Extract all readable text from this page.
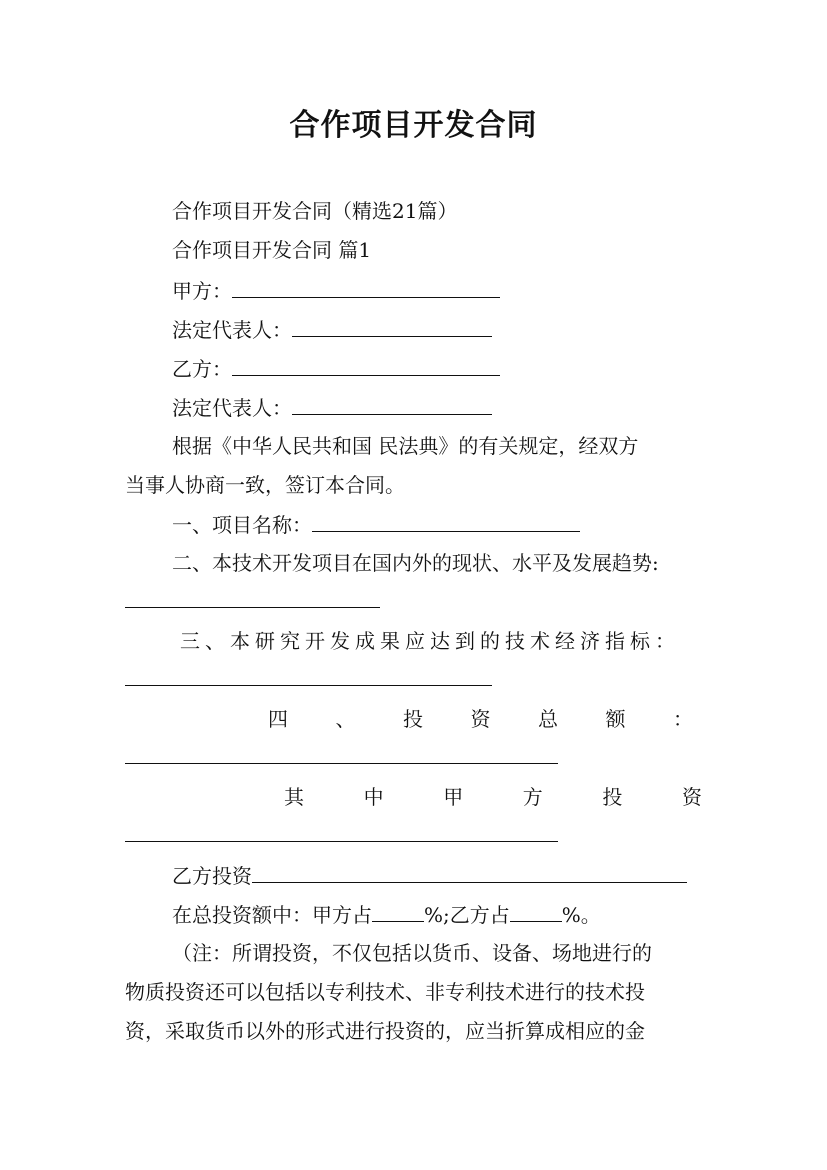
合作项目开发合同
合作项目开发合同（精选21篇）
合作项目开发合同 篇1
甲方：
法定代表人：
乙方：
法定代表人：
根据《中华人民共和国 民法典》的有关规定，经双方
当事人协商一致，签订本合同。
一、项目名称：
二、本技术开发项目在国内外的现状、水平及发展趋势:
三、本研究开发成果应达到的技术经济指标：
四 、 投 资 总 额 ：
其	中	甲	方	投	资
乙方投资
在总投资额中：甲方占	%;乙方占	%。
（注：所谓投资，不仅包括以货币、设备、场地进行的
物质投资还可以包括以专利技术、非专利技术进行的技术投
资，采取货币以外的形式进行投资的，应当折算成相应的金
